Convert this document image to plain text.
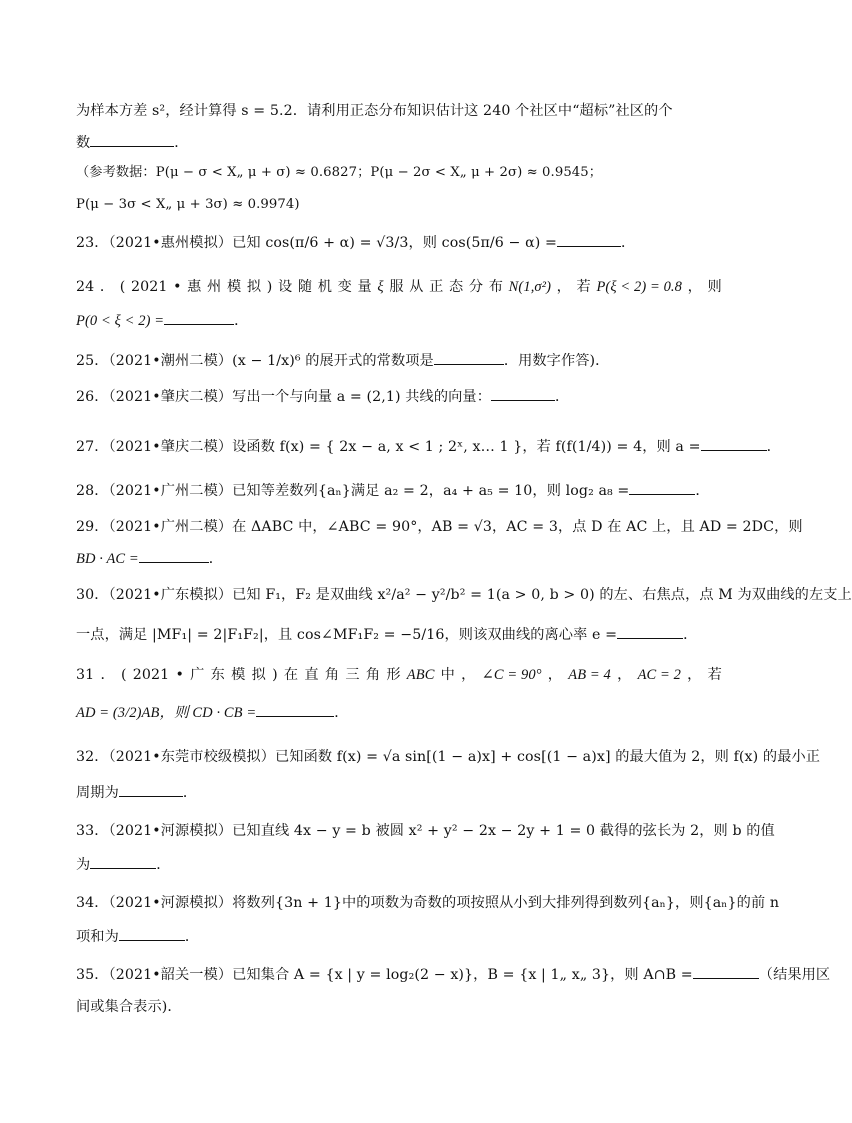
为样本方差 s²，经计算得 s = 5.2．请利用正态分布知识估计这 240 个社区中“超标”社区的个
数	．
（参考数据：P(μ − σ < X„ μ + σ) ≈ 0.6827；P(μ − 2σ < X„ μ + 2σ) ≈ 0.9545；
P(μ − 3σ < X„ μ + 3σ) ≈ 0.9974)
23．（2021•惠州模拟）已知 cos(π/6 + α) = √3/3，则 cos(5π/6 − α) =	．
24 ． ( 2021 • 惠 州 模 拟 ) 设 随 机 变 量 ξ 服 从 正 态 分 布 N(1,σ²) ， 若 P(ξ < 2) = 0.8 ， 则
P(0 < ξ < 2) =	．
25．（2021•潮州二模）(x − 1/x)⁶ 的展开式的常数项是	．用数字作答)．
26．（2021•肇庆二模）写出一个与向量 a = (2,1) 共线的向量：	．
27．（2021•肇庆二模）设函数 f(x) = { 2x − a, x < 1 ; 2ˣ, x… 1 }，若 f(f(1/4)) = 4，则 a =	．
28．（2021•广州二模）已知等差数列{aₙ}满足 a₂ = 2，a₄ + a₅ = 10，则 log₂ a₈ =	．
29．（2021•广州二模）在 ΔABC 中，∠ABC = 90°，AB = √3，AC = 3，点 D 在 AC 上，且 AD = 2DC，则
BD · AC =	．
30．（2021•广东模拟）已知 F₁，F₂ 是双曲线 x²/a² − y²/b² = 1(a > 0, b > 0) 的左、右焦点，点 M 为双曲线的左支上
一点，满足 |MF₁| = 2|F₁F₂|，且 cos∠MF₁F₂ = −5/16，则该双曲线的离心率 e =	．
31 ． ( 2021 • 广 东 模 拟 ) 在 直 角 三 角 形 ABC 中 ， ∠C = 90° ， AB = 4 ， AC = 2 ， 若
AD = (3/2)AB，则 CD · CB =	．
32．（2021•东莞市校级模拟）已知函数 f(x) = √a sin[(1 − a)x] + cos[(1 − a)x] 的最大值为 2，则 f(x) 的最小正
周期为	．
33．（2021•河源模拟）已知直线 4x − y = b 被圆 x² + y² − 2x − 2y + 1 = 0 截得的弦长为 2，则 b 的值
为	．
34．（2021•河源模拟）将数列{3n + 1}中的项数为奇数的项按照从小到大排列得到数列{aₙ}，则{aₙ}的前 n
项和为	．
35．（2021•韶关一模）已知集合 A = {x | y = log₂(2 − x)}，B = {x | 1„ x„ 3}，则 A∩B =	（结果用区
间或集合表示)．
